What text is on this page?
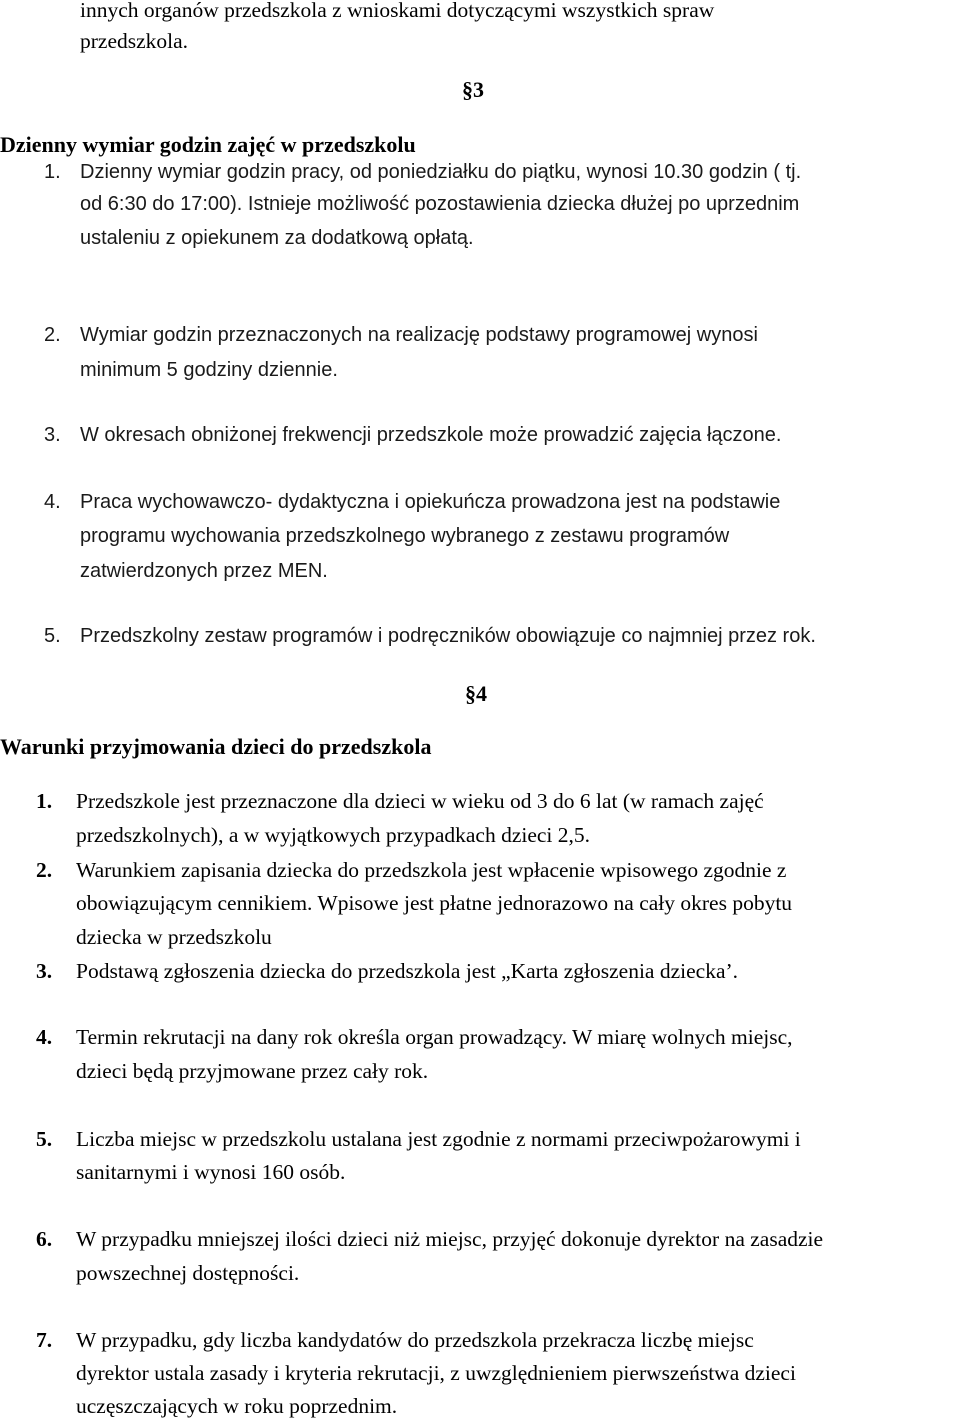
innych organów przedszkola z wnioskami dotyczącymi wszystkich spraw
przedszkola.
§3
Dzienny wymiar godzin zajęć w przedszkolu
1. Dzienny wymiar godzin pracy, od poniedziałku do piątku, wynosi 10.30 godzin ( tj.
od 6:30 do 17:00). Istnieje możliwość pozostawienia dziecka dłużej po uprzednim
ustaleniu z opiekunem za dodatkową opłatą.
2. Wymiar godzin przeznaczonych na realizację podstawy programowej wynosi
minimum 5 godziny dziennie.
3. W okresach obniżonej frekwencji przedszkole może prowadzić zajęcia łączone.
4. Praca wychowawczo- dydaktyczna i opiekuńcza prowadzona jest na podstawie
programu wychowania przedszkolnego wybranego z zestawu programów
zatwierdzonych przez MEN.
5. Przedszkolny zestaw programów i podręczników obowiązuje co najmniej przez rok.
§4
Warunki przyjmowania dzieci do przedszkola
1. Przedszkole jest przeznaczone dla dzieci w wieku od 3 do 6 lat (w ramach zajęć
przedszkolnych), a w wyjątkowych przypadkach dzieci 2,5.
2. Warunkiem zapisania dziecka do przedszkola jest wpłacenie wpisowego zgodnie z
obowiązującym cennikiem. Wpisowe jest płatne jednorazowo na cały okres pobytu
dziecka w przedszkolu
3. Podstawą zgłoszenia dziecka do przedszkola jest „Karta zgłoszenia dziecka’.
4. Termin rekrutacji na dany rok określa organ prowadzący. W miarę wolnych miejsc,
dzieci będą przyjmowane przez cały rok.
5. Liczba miejsc w przedszkolu ustalana jest zgodnie z normami przeciwpożarowymi i
sanitarnymi i wynosi 160 osób.
6. W przypadku mniejszej ilości dzieci niż miejsc, przyjęć dokonuje dyrektor na zasadzie
powszechnej dostępności.
7. W przypadku, gdy liczba kandydatów do przedszkola przekracza liczbę miejsc
dyrektor ustala zasady i kryteria rekrutacji, z uwzględnieniem pierwszeństwa dzieci
uczęszczających w roku poprzednim.
